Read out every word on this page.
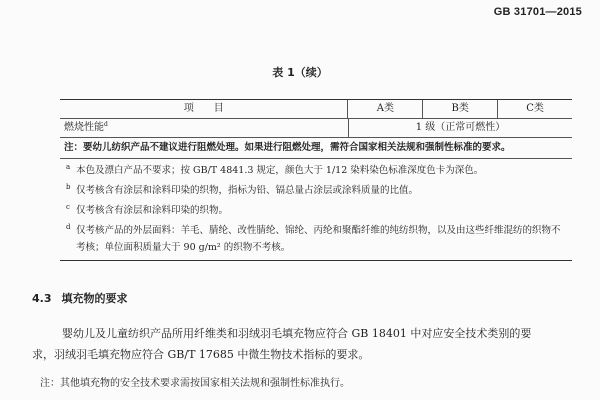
GB 31701—2015
表 1（续）
项　　目	A类	B类	C类
燃烧性能$^d$	1 级（正常可燃性）
注：要幼儿纺织产品不建议进行阻燃处理。如果进行阻燃处理，需符合国家相关法规和强制性标准的要求。
a 本色及漂白产品不要求；按 GB/T 4841.3 规定，颜色大于 1/12 染料染色标准深度色卡为深色。
b 仅考核含有涂层和涂料印染的织物，指标为铅、镉总量占涂层或涂料质量的比值。
c 仅考核含有涂层和涂料印染的织物。
d 仅考核产品的外层面料：羊毛、腈纶、改性腈纶、锦纶、丙纶和聚酯纤维的纯纺织物，以及由这些纤维混纺的织物不考核；单位面积质量大于 90 g/m² 的织物不考核。
4.3 填充物的要求

婴幼儿及儿童纺织产品所用纤维类和羽绒羽毛填充物应符合 GB 18401 中对应安全技术类别的要

求，羽绒羽毛填充物应符合 GB/T 17685 中微生物技术指标的要求。

注：其他填充物的安全技术要求需按国家相关法规和强制性标准执行。
